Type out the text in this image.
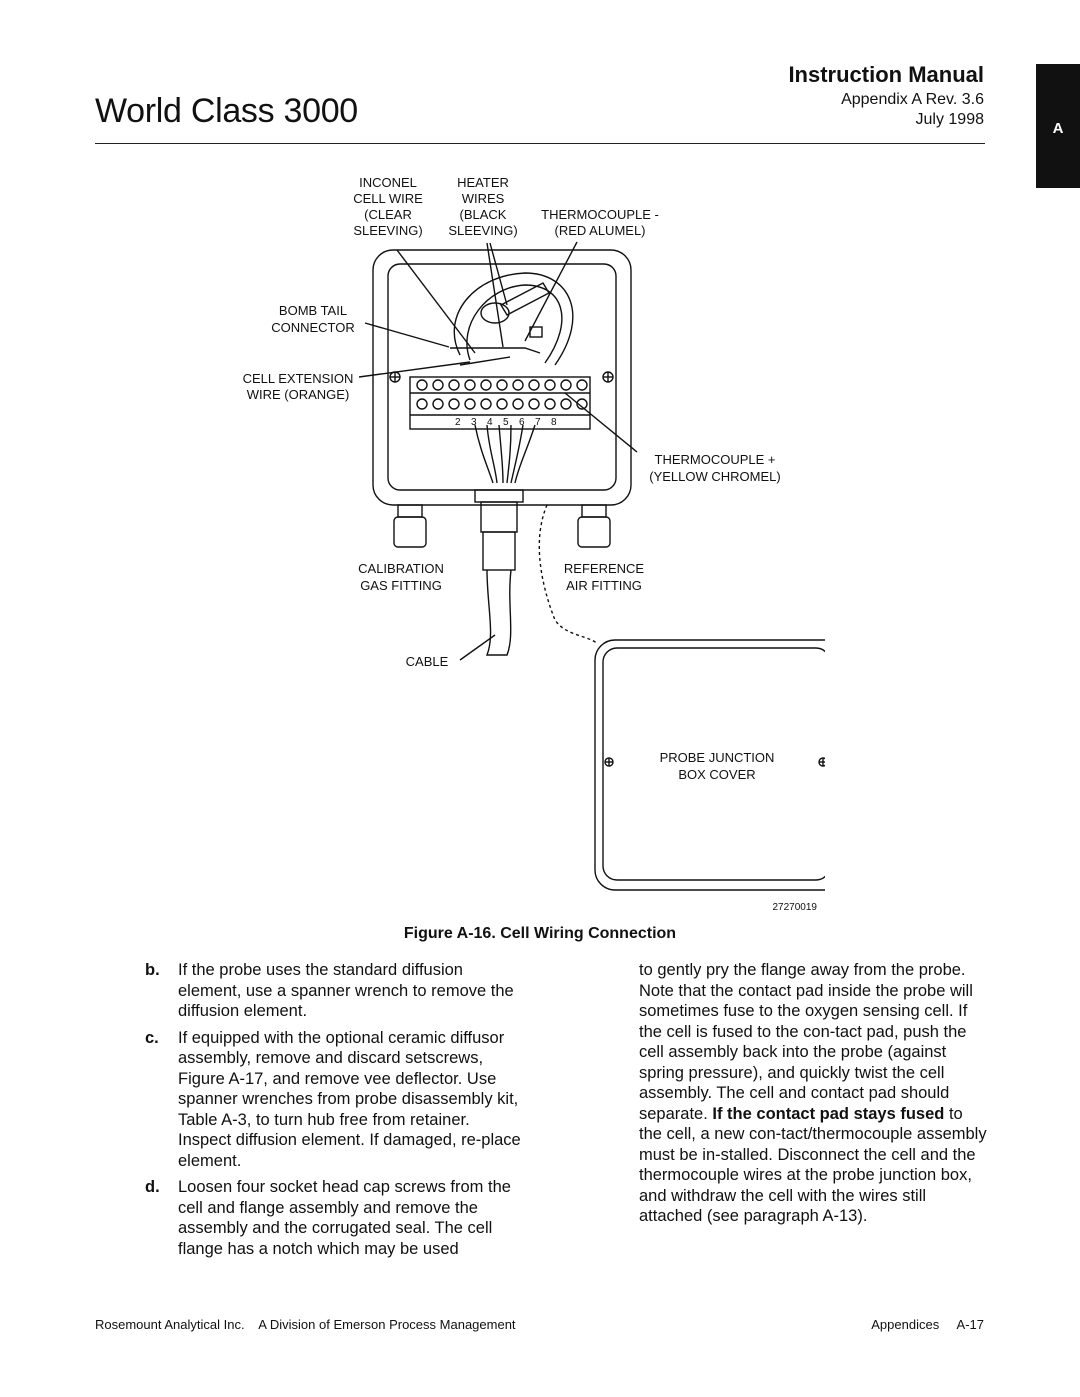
World Class 3000
Instruction Manual
Appendix A Rev. 3.6
July 1998
A
INCONEL
CELL WIRE
(CLEAR
SLEEVING)
HEATER
WIRES
(BLACK
SLEEVING)
THERMOCOUPLE -
(RED ALUMEL)
BOMB TAIL
CONNECTOR
CELL EXTENSION
WIRE (ORANGE)
THERMOCOUPLE +
(YELLOW CHROMEL)
CALIBRATION
GAS FITTING
REFERENCE
AIR FITTING
CABLE
PROBE JUNCTION
BOX COVER
27270019
2 3 4 5 6 7 8
Figure A-16. Cell Wiring Connection
b. If the probe uses the standard diffusion element, use a spanner wrench to remove the diffusion element.
c. If equipped with the optional ceramic diffusor assembly, remove and discard setscrews, Figure A-17, and remove vee deflector. Use spanner wrenches from probe disassembly kit, Table A-3, to turn hub free from retainer. Inspect diffusion element. If damaged, re-place element.
d. Loosen four socket head cap screws from the cell and flange assembly and remove the assembly and the corrugated seal. The cell flange has a notch which may be used
to gently pry the flange away from the probe. Note that the contact pad inside the probe will sometimes fuse to the oxygen sensing cell. If the cell is fused to the con-tact pad, push the cell assembly back into the probe (against spring pressure), and quickly twist the cell assembly. The cell and contact pad should separate. If the contact pad stays fused to the cell, a new con-tact/thermocouple assembly must be in-stalled. Disconnect the cell and the thermocouple wires at the probe junction box, and withdraw the cell with the wires still attached (see paragraph A-13).
Rosemount Analytical Inc.    A Division of Emerson Process Management	Appendices     A-17
